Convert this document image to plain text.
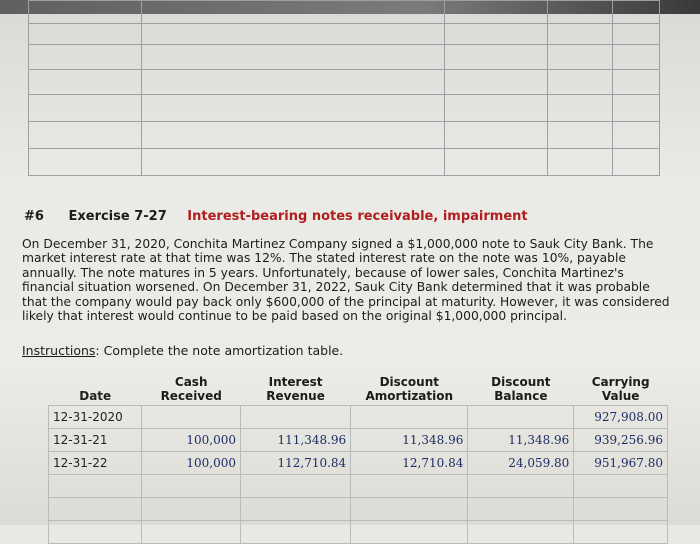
#6 Exercise 7-27 Interest-bearing notes receivable, impairment

On December 31, 2020, Conchita Martinez Company signed a $1,000,000 note to Sauk City Bank. The market interest rate at that time was 12%. The stated interest rate on the note was 10%, payable annually. The note matures in 5 years. Unfortunately, because of lower sales, Conchita Martinez's financial situation worsened. On December 31, 2022, Sauk City Bank determined that it was probable that the company would pay back only $600,000 of the principal at maturity. However, it was considered likely that interest would continue to be paid based on the original $1,000,000 principal.

Instructions: Complete the note amortization table.
Date	Cash Received	Interest Revenue	Discount Amortization	Discount Balance	Carrying Value
12-31-2020					927,908.00
12-31-21	100,000	111,348.96	11,348.96	11,348.96	939,256.96
12-31-22	100,000	112,710.84	12,710.84	24,059.80	951,967.80
